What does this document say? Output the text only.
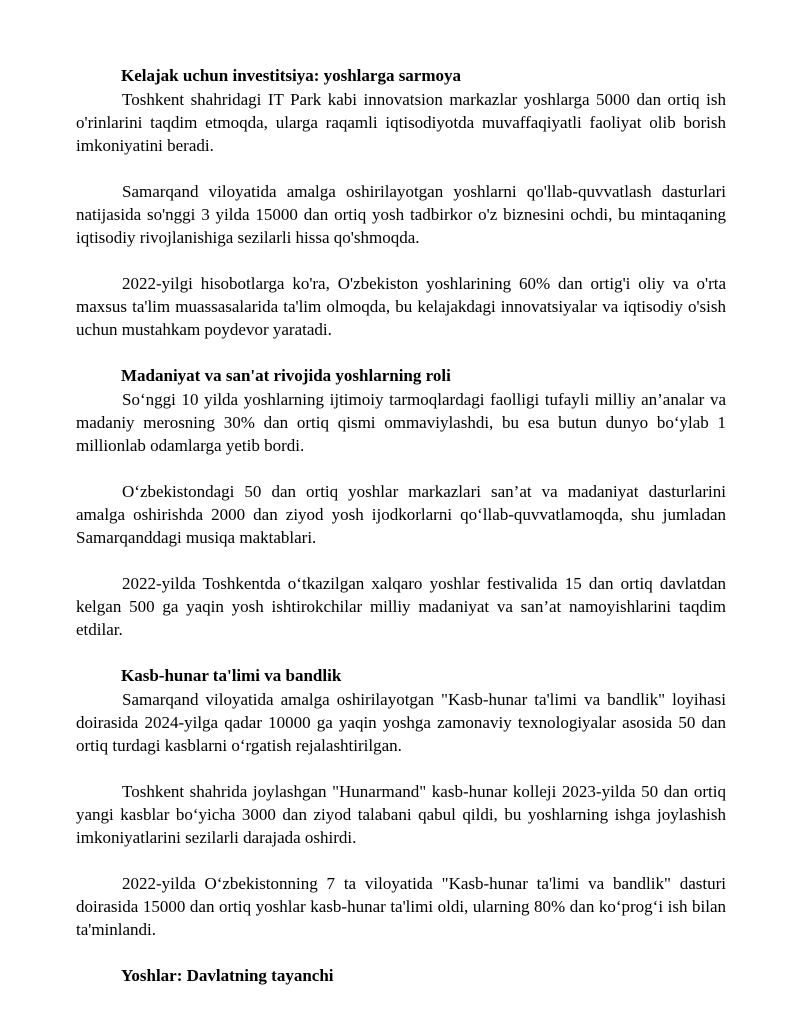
Kelajak uchun investitsiya: yoshlarga sarmoya

Toshkent shahridagi IT Park kabi innovatsion markazlar yoshlarga 5000 dan ortiq ish o'rinlarini taqdim etmoqda, ularga raqamli iqtisodiyotda muvaffaqiyatli faoliyat olib borish imkoniyatini beradi.

Samarqand viloyatida amalga oshirilayotgan yoshlarni qo'llab-quvvatlash dasturlari natijasida so'nggi 3 yilda 15000 dan ortiq yosh tadbirkor o'z biznesini ochdi, bu mintaqaning iqtisodiy rivojlanishiga sezilarli hissa qo'shmoqda.

2022-yilgi hisobotlarga ko'ra, O'zbekiston yoshlarining 60% dan ortig'i oliy va o'rta maxsus ta'lim muassasalarida ta'lim olmoqda, bu kelajakdagi innovatsiyalar va iqtisodiy o'sish uchun mustahkam poydevor yaratadi.

Madaniyat va san'at rivojida yoshlarning roli

So‘nggi 10 yilda yoshlarning ijtimoiy tarmoqlardagi faolligi tufayli milliy an’analar va madaniy merosning 30% dan ortiq qismi ommaviylashdi, bu esa butun dunyo bo‘ylab 1 millionlab odamlarga yetib bordi.

O‘zbekistondagi 50 dan ortiq yoshlar markazlari san’at va madaniyat dasturlarini amalga oshirishda 2000 dan ziyod yosh ijodkorlarni qo‘llab-quvvatlamoqda, shu jumladan Samarqanddagi musiqa maktablari.

2022-yilda Toshkentda o‘tkazilgan xalqaro yoshlar festivalida 15 dan ortiq davlatdan kelgan 500 ga yaqin yosh ishtirokchilar milliy madaniyat va san’at namoyishlarini taqdim etdilar.

Kasb-hunar ta'limi va bandlik

Samarqand viloyatida amalga oshirilayotgan "Kasb-hunar ta'limi va bandlik" loyihasi doirasida 2024-yilga qadar 10000 ga yaqin yoshga zamonaviy texnologiyalar asosida 50 dan ortiq turdagi kasblarni o‘rgatish rejalashtirilgan.

Toshkent shahrida joylashgan "Hunarmand" kasb-hunar kolleji 2023-yilda 50 dan ortiq yangi kasblar bo‘yicha 3000 dan ziyod talabani qabul qildi, bu yoshlarning ishga joylashish imkoniyatlarini sezilarli darajada oshirdi.

2022-yilda O‘zbekistonning 7 ta viloyatida "Kasb-hunar ta'limi va bandlik" dasturi doirasida 15000 dan ortiq yoshlar kasb-hunar ta'limi oldi, ularning 80% dan ko‘prog‘i ish bilan ta'minlandi.

Yoshlar: Davlatning tayanchi
